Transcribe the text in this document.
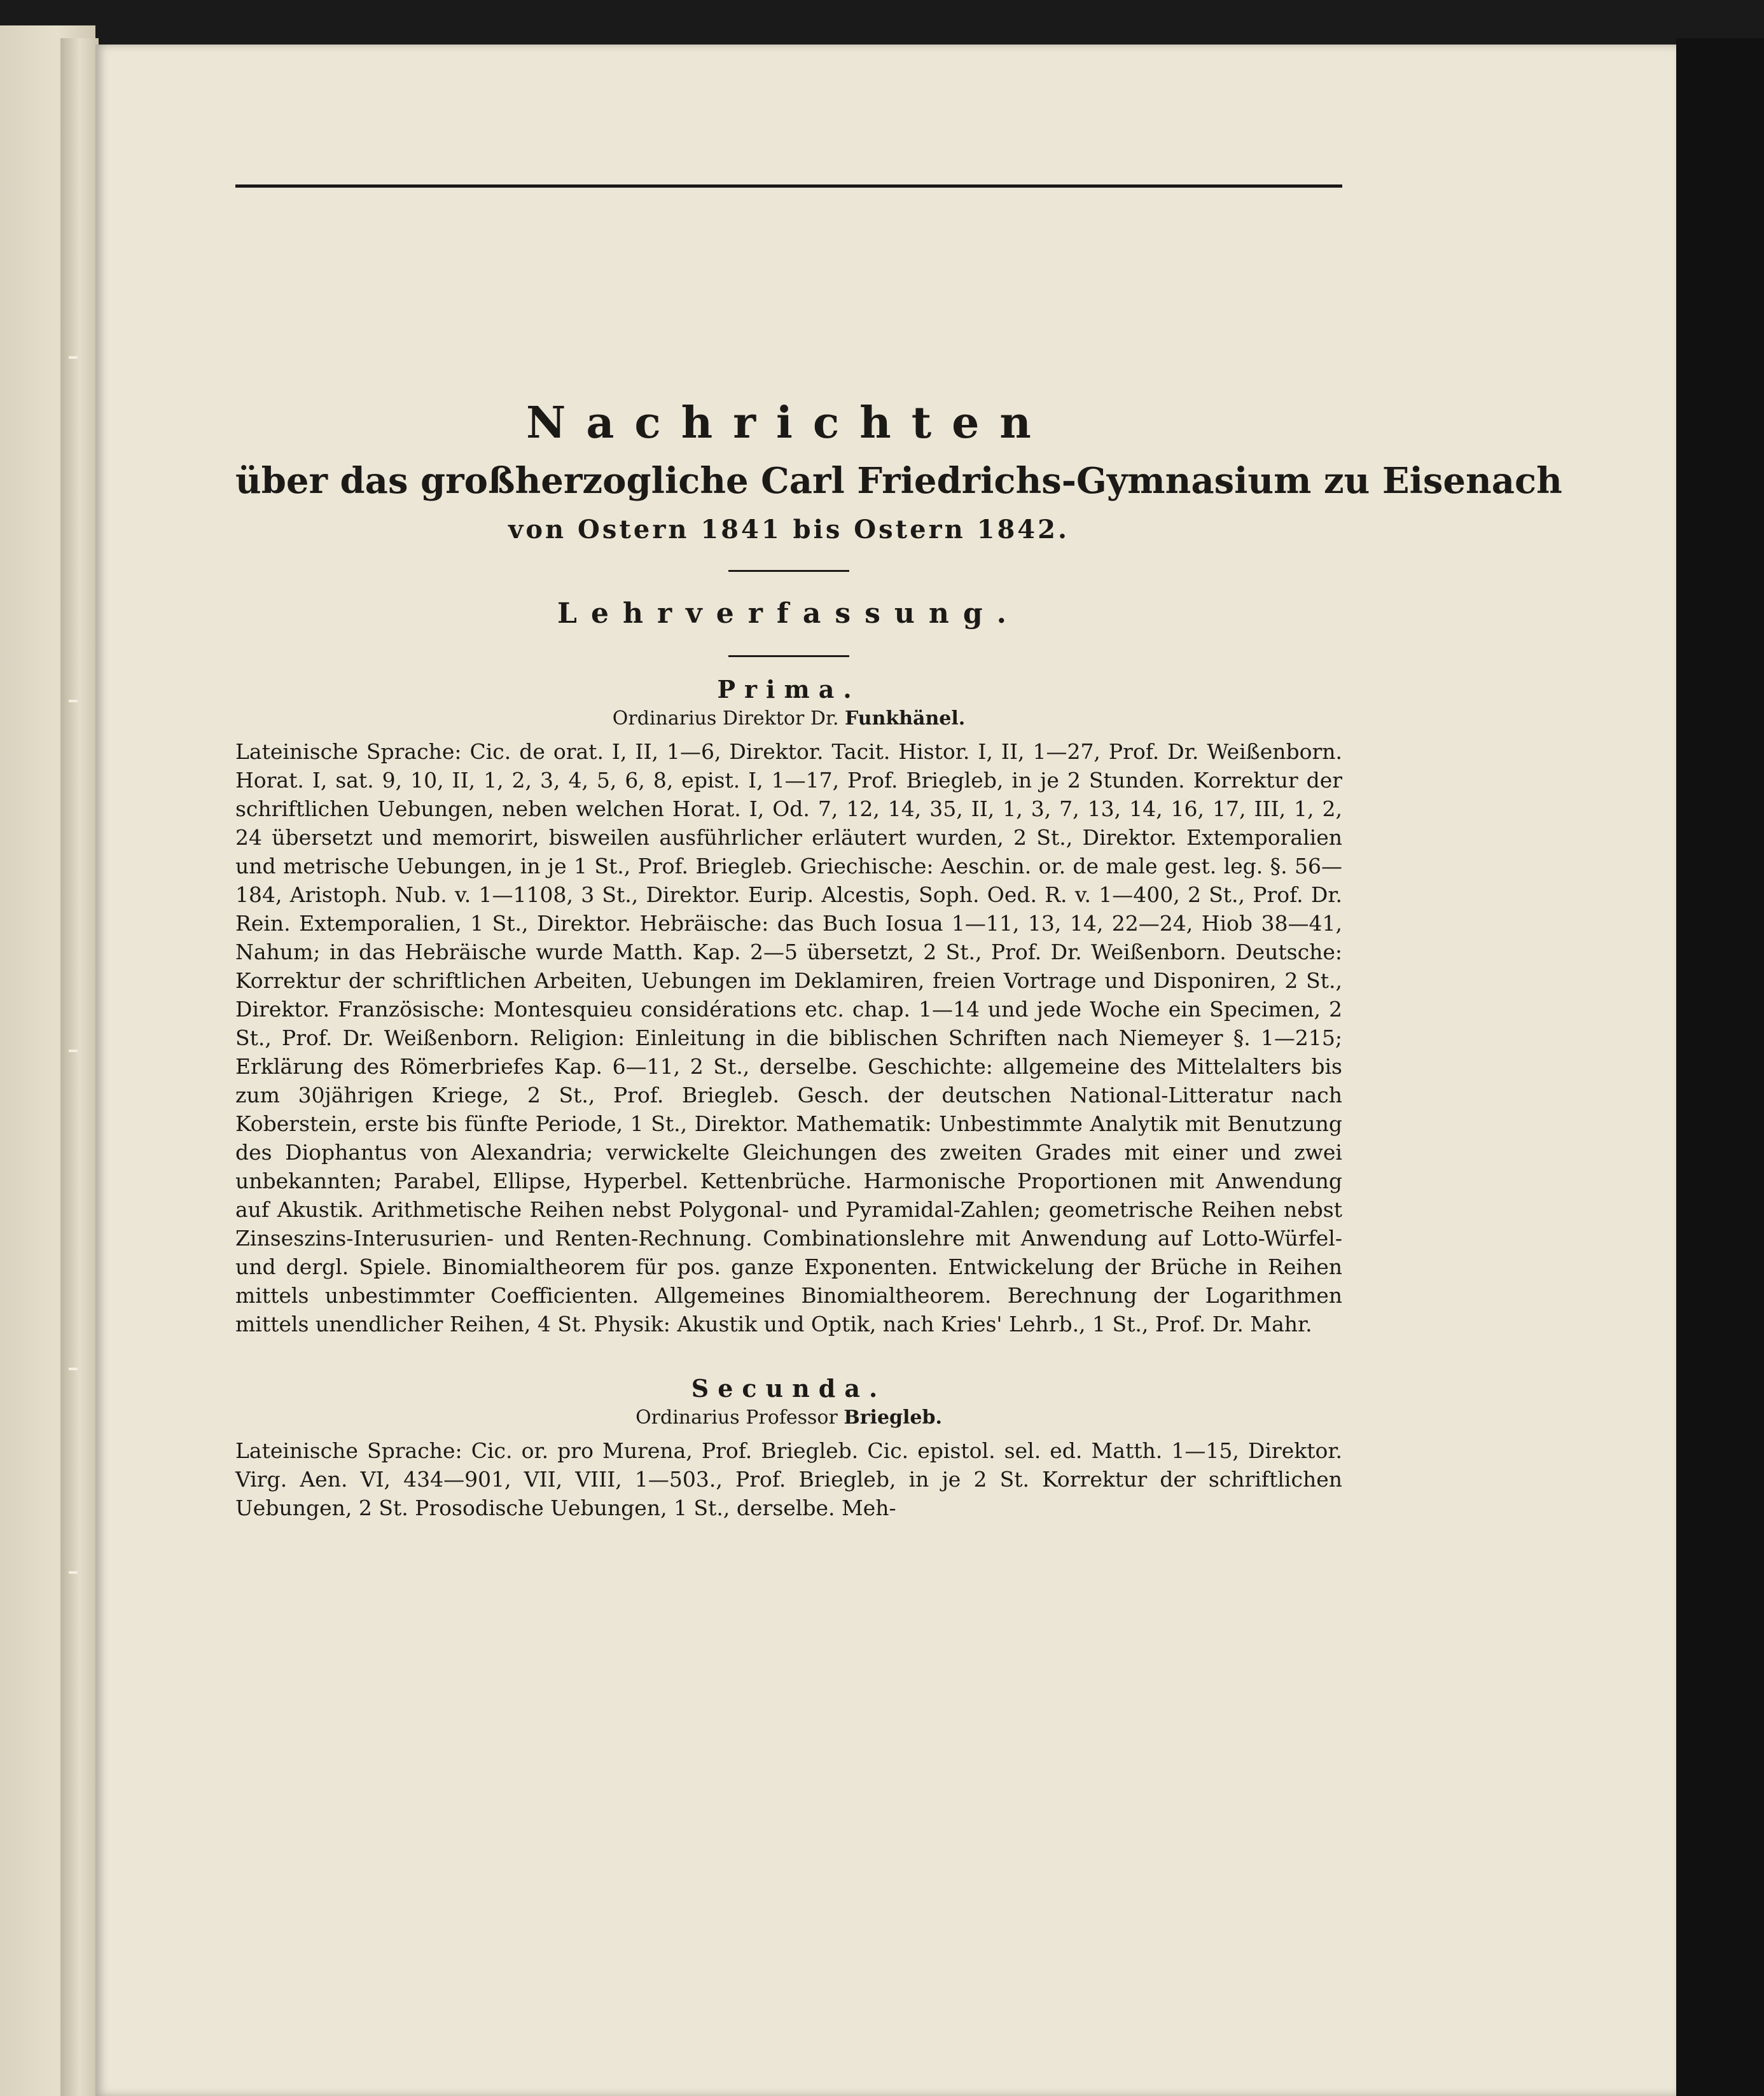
Nachrichten

über das großherzogliche Carl Friedrichs-Gymnasium zu Eisenach

von Ostern 1841 bis Ostern 1842.

Lehrverfassung.

Prima.

Ordinarius Direktor Dr. Funkhänel.

Lateinische Sprache: Cic. de orat. I, II, 1—6, Direktor. Tacit. Histor. I, II, 1—27, Prof. Dr. Weißenborn. Horat. I, sat. 9, 10, II, 1, 2, 3, 4, 5, 6, 8, epist. I, 1—17, Prof. Briegleb, in je 2 Stunden. Korrektur der schriftlichen Uebungen, neben welchen Horat. I, Od. 7, 12, 14, 35, II, 1, 3, 7, 13, 14, 16, 17, III, 1, 2, 24 übersetzt und memorirt, bisweilen ausführlicher erläutert wurden, 2 St., Direktor. Extemporalien und metrische Uebungen, in je 1 St., Prof. Briegleb. Griechische: Aeschin. or. de male gest. leg. §. 56—184, Aristoph. Nub. v. 1—1108, 3 St., Direktor. Eurip. Alcestis, Soph. Oed. R. v. 1—400, 2 St., Prof. Dr. Rein. Extemporalien, 1 St., Direktor. Hebräische: das Buch Iosua 1—11, 13, 14, 22—24, Hiob 38—41, Nahum; in das Hebräische wurde Matth. Kap. 2—5 übersetzt, 2 St., Prof. Dr. Weißenborn. Deutsche: Korrektur der schriftlichen Arbeiten, Uebungen im Deklamiren, freien Vortrage und Disponiren, 2 St., Direktor. Französische: Montesquieu considérations etc. chap. 1—14 und jede Woche ein Specimen, 2 St., Prof. Dr. Weißenborn. Religion: Einleitung in die biblischen Schriften nach Niemeyer §. 1—215; Erklärung des Römerbriefes Kap. 6—11, 2 St., derselbe. Geschichte: allgemeine des Mittelalters bis zum 30jährigen Kriege, 2 St., Prof. Briegleb. Gesch. der deutschen National-Litteratur nach Koberstein, erste bis fünfte Periode, 1 St., Direktor. Mathematik: Unbestimmte Analytik mit Benutzung des Diophantus von Alexandria; verwickelte Gleichungen des zweiten Grades mit einer und zwei unbekannten; Parabel, Ellipse, Hyperbel. Kettenbrüche. Harmonische Proportionen mit Anwendung auf Akustik. Arithmetische Reihen nebst Polygonal- und Pyramidal-Zahlen; geometrische Reihen nebst Zinseszins-Interusurien- und Renten-Rechnung. Combinationslehre mit Anwendung auf Lotto-Würfel- und dergl. Spiele. Binomialtheorem für pos. ganze Exponenten. Entwickelung der Brüche in Reihen mittels unbestimmter Coefficienten. Allgemeines Binomialtheorem. Berechnung der Logarithmen mittels unendlicher Reihen, 4 St. Physik: Akustik und Optik, nach Kries' Lehrb., 1 St., Prof. Dr. Mahr.

Secunda.

Ordinarius Professor Briegleb.

Lateinische Sprache: Cic. or. pro Murena, Prof. Briegleb. Cic. epistol. sel. ed. Matth. 1—15, Direktor. Virg. Aen. VI, 434—901, VII, VIII, 1—503., Prof. Briegleb, in je 2 St. Korrektur der schriftlichen Uebungen, 2 St. Prosodische Uebungen, 1 St., derselbe. Meh-
